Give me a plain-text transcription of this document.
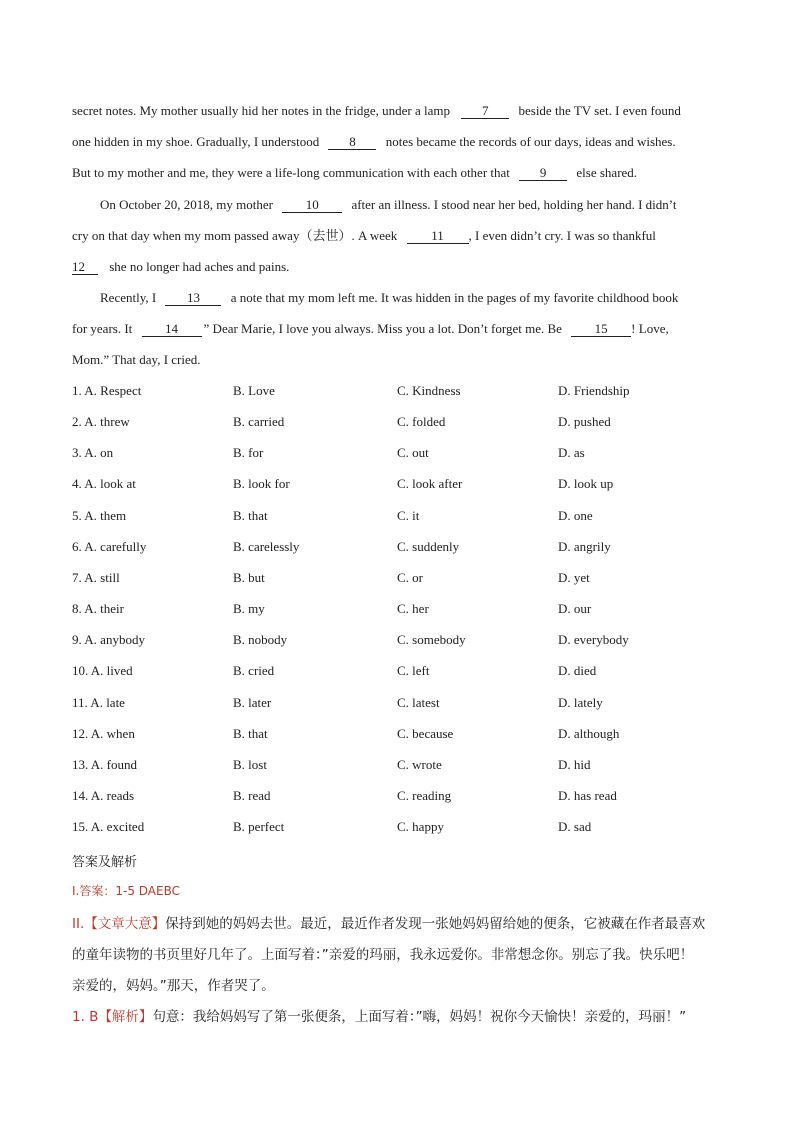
secret notes. My mother usually hid her notes in the fridge, under a lamp 7 beside the TV set. I even found
one hidden in my shoe. Gradually, I understood 8 notes became the records of our days, ideas and wishes.
But to my mother and me, they were a life-long communication with each other that 9 else shared.
On October 20, 2018, my mother	10	after an illness. I stood near her bed, holding her hand. I didn’t
cry on that day when my mom passed away（去世）. A week	11 , I even didn’t cry. I was so thankful
12 she no longer had aches and pains.
Recently, I 13 a note that my mom left me. It was hidden in the pages of my favorite childhood book
for years. It	14 ” Dear Marie, I love you always. Miss you a lot. Don’t forget me. Be	15 ! Love,
Mom.” That day, I cried.
1. A. Respect	B. Love	C. Kindness	D. Friendship
2. A. threw	B. carried	C. folded	D. pushed
3. A. on	B. for	C. out	D. as
4. A. look at	B. look for	C. look after	D. look up
5. A. them	B. that	C. it	D. one
6. A. carefully	B. carelessly	C. suddenly	D. angrily
7. A. still	B. but	C. or	D. yet
8. A. their	B. my	C. her	D. our
9. A. anybody	B. nobody	C. somebody	D. everybody
10. A. lived	B. cried	C. left	D. died
11. A. late	B. later	C. latest	D. lately
12. A. when	B. that	C. because	D. although
13. A. found	B. lost	C. wrote	D. hid
14. A. reads	B. read	C. reading	D. has read
15. A. excited	B. perfect	C. happy	D. sad
答案及解析
I.答案：1-5 DAEBC
II.【文章大意】保持到她的妈妈去世。最近，最近作者发现一张她妈妈留给她的便条，它被藏在作者最喜欢
的童年读物的书页里好几年了。上面写着：”亲爱的玛丽，我永远爱你。非常想念你。别忘了我。快乐吧！
亲爱的，妈妈。”那天，作者哭了。
1. B【解析】句意：我给妈妈写了第一张便条，上面写着：”嗨，妈妈！祝你今天愉快！亲爱的，玛丽！”
